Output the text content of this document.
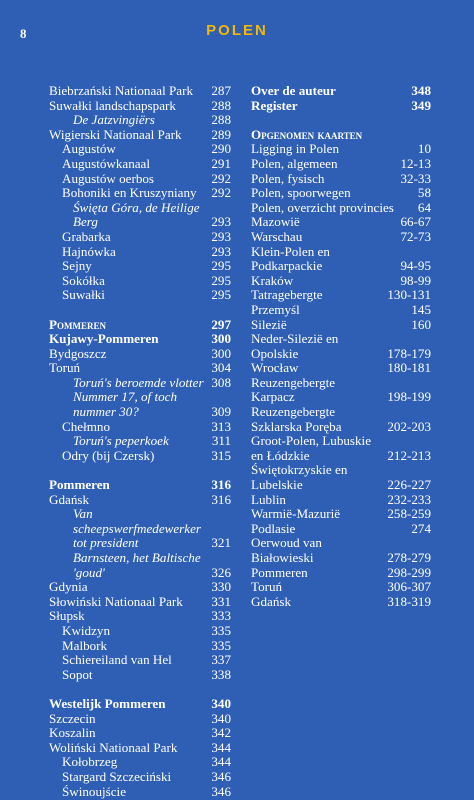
8	POLEN
Biebrzański Nationaal Park	287
Suwałki landschapspark	288
De Jatzvingiërs	288
Wigierski Nationaal Park	289
Augustów	290
Augustówkanaal	291
Augustów oerbos	292
Bohoniki en Kruszyniany	292
Święta Góra, de Heilige Berg	293
Grabarka	293
Hajnówka	293
Sejny	295
Sokółka	295
Suwałki	295
Pommeren	297
Kujawy-Pommeren	300
Bydgoszcz	300
Toruń	304
Toruń's beroemde vlotter 308
Nummer 17, of toch
nummer 30?	309
Chełmno	313
Toruń's peperkoek	311
Odry (bij Czersk)	315
Pommeren	316
Gdańsk	316
Van scheepswerfmedewerker
tot president	321
Barnsteen, het Baltische
'goud'	326
Gdynia	330
Słowiński Nationaal Park	331
Słupsk	333
Kwidzyn	335
Malbork	335
Schiereiland van Hel	337
Sopot	338
Westelijk Pommeren	340
Szczecin	340
Koszalin	342
Woliński Nationaal Park	344
Kołobrzeg	344
Stargard Szczeciński	346
Świnoujście	346
Over de auteur	348
Register	349
Opgenomen kaarten
Ligging in Polen	10
Polen, algemeen	12-13
Polen, fysisch	32-33
Polen, spoorwegen	58
Polen, overzicht provincies	64
Mazowië	66-67
Warschau	72-73
Klein-Polen en
Podkarpackie	94-95
Kraków	98-99
Tatragebergte	130-131
Przemyśl	145
Silezië	160
Neder-Silezië en
Opolskie	178-179
Wrocław	180-181
Reuzengebergte
Karpacz	198-199
Reuzengebergte
Szklarska Poręba	202-203
Groot-Polen, Lubuskie
en Łódzkie	212-213
Świętokrzyskie en
Lubelskie	226-227
Lublin	232-233
Warmië-Mazurië	258-259
Podlasie	274
Oerwoud van
Białowieski	278-279
Pommeren	298-299
Toruń	306-307
Gdańsk	318-319
